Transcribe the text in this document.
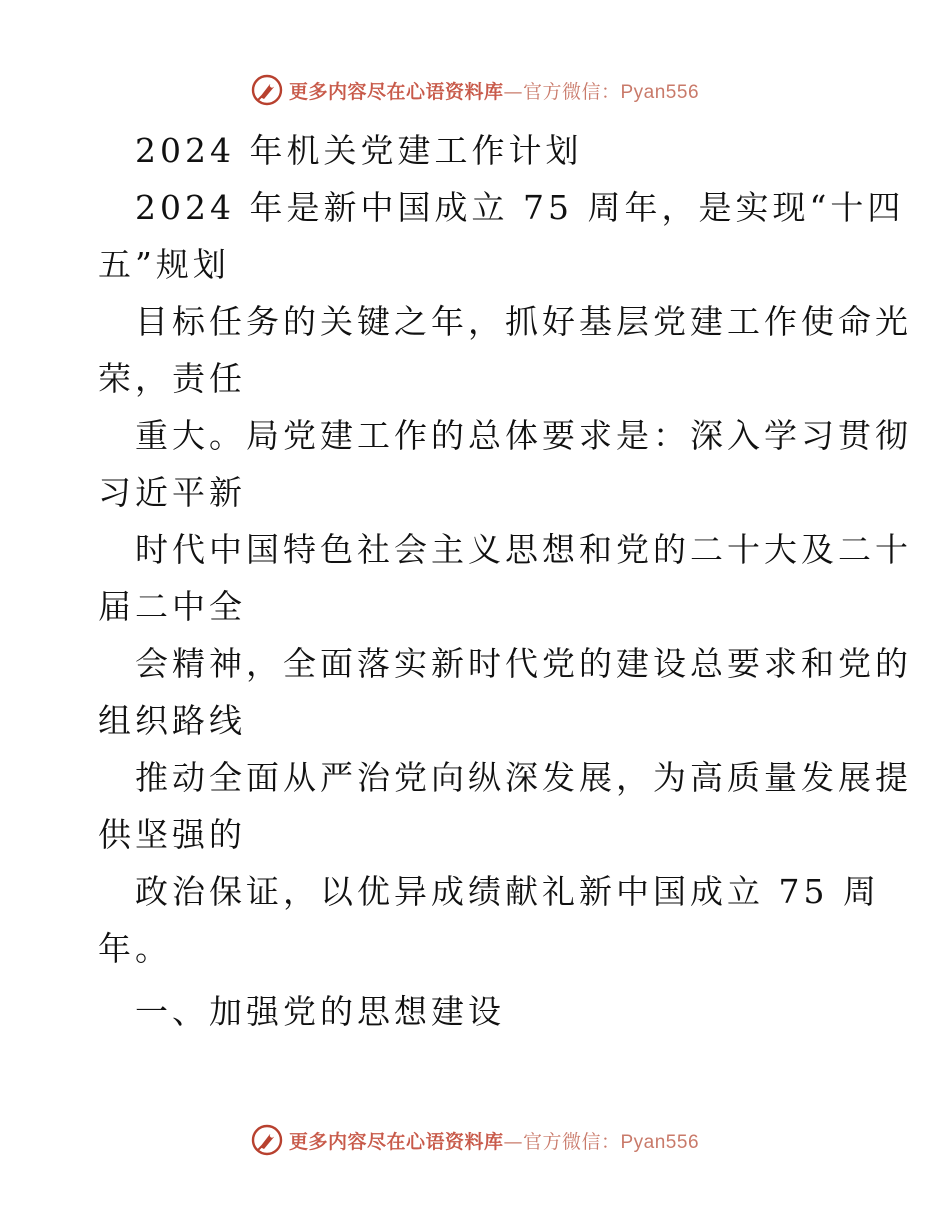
更多内容尽在心语资料库—官方微信：Pyan556
2024 年机关党建工作计划
2024 年是新中国成立 75 周年，是实现“十四
五”规划
目标任务的关键之年，抓好基层党建工作使命光
荣，责任
重大。局党建工作的总体要求是：深入学习贯彻
习近平新
时代中国特色社会主义思想和党的二十大及二十
届二中全
会精神，全面落实新时代党的建设总要求和党的
组织路线
推动全面从严治党向纵深发展，为高质量发展提
供坚强的
政治保证，以优异成绩献礼新中国成立 75 周
年。
一、加强党的思想建设
更多内容尽在心语资料库—官方微信：Pyan556
